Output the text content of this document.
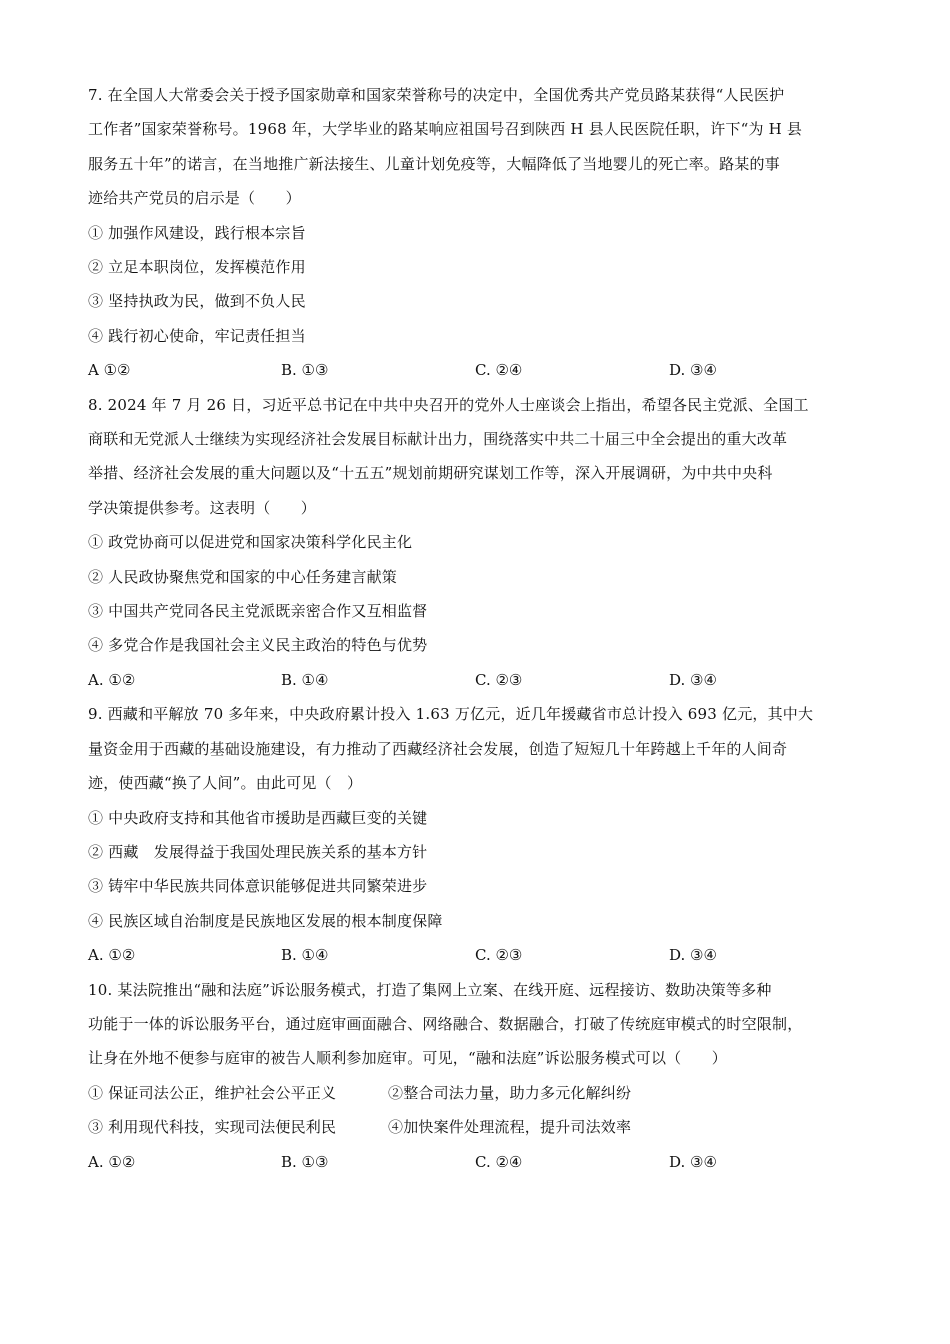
7. 在全国人大常委会关于授予国家勋章和国家荣誉称号的决定中，全国优秀共产党员路某获得“人民医护
工作者”国家荣誉称号。1968 年，大学毕业的路某响应祖国号召到陕西 H 县人民医院任职，许下“为 H 县
服务五十年”的诺言，在当地推广新法接生、儿童计划免疫等，大幅降低了当地婴儿的死亡率。路某的事
迹给共产党员的启示是（　　）
① 加强作风建设，践行根本宗旨
② 立足本职岗位，发挥模范作用
③ 坚持执政为民，做到不负人民
④ 践行初心使命，牢记责任担当
A ①②	B. ①③	C. ②④	D. ③④
8. 2024 年 7 月 26 日，习近平总书记在中共中央召开的党外人士座谈会上指出，希望各民主党派、全国工
商联和无党派人士继续为实现经济社会发展目标献计出力，围绕落实中共二十届三中全会提出的重大改革
举措、经济社会发展的重大问题以及“十五五”规划前期研究谋划工作等，深入开展调研，为中共中央科
学决策提供参考。这表明（　　）
① 政党协商可以促进党和国家决策科学化民主化
② 人民政协聚焦党和国家的中心任务建言献策
③ 中国共产党同各民主党派既亲密合作又互相监督
④ 多党合作是我国社会主义民主政治的特色与优势
A. ①②	B. ①④	C. ②③	D. ③④
9. 西藏和平解放 70 多年来，中央政府累计投入 1.63 万亿元，近几年援藏省市总计投入 693 亿元，其中大
量资金用于西藏的基础设施建设，有力推动了西藏经济社会发展，创造了短短几十年跨越上千年的人间奇
迹，使西藏“换了人间”。由此可见（　）
① 中央政府支持和其他省市援助是西藏巨变的关键
② 西藏　发展得益于我国处理民族关系的基本方针
③ 铸牢中华民族共同体意识能够促进共同繁荣进步
④ 民族区域自治制度是民族地区发展的根本制度保障
A. ①②	B. ①④	C. ②③	D. ③④
10. 某法院推出“融和法庭”诉讼服务模式，打造了集网上立案、在线开庭、远程接访、数助决策等多种
功能于一体的诉讼服务平台，通过庭审画面融合、网络融合、数据融合，打破了传统庭审模式的时空限制，
让身在外地不便参与庭审的被告人顺利参加庭审。可见，“融和法庭”诉讼服务模式可以（　　）
① 保证司法公正，维护社会公平正义	②整合司法力量，助力多元化解纠纷
③ 利用现代科技，实现司法便民利民	④加快案件处理流程，提升司法效率
A. ①②	B. ①③	C. ②④	D. ③④
